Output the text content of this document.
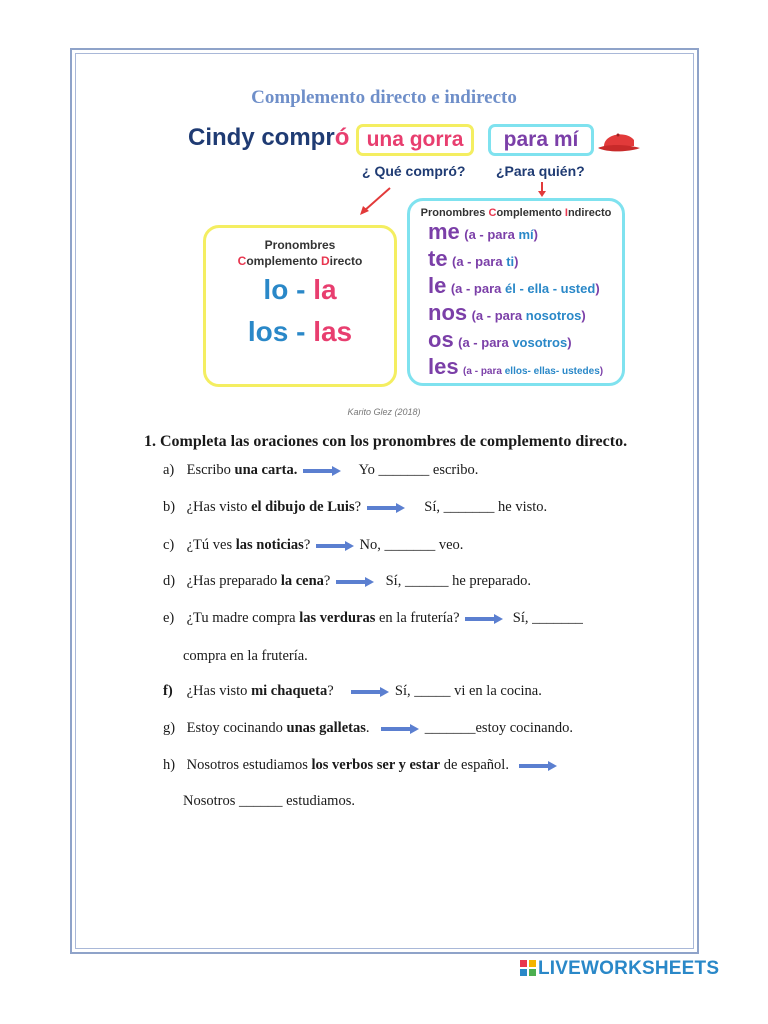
Complemento directo e indirecto
Cindy compró una gorra	para mí
¿ Qué compró? ¿Para quién?
Pronombres
Complemento Directo
lo - la
los - las
Pronombres Complemento Indirecto
me (a - para mí)
te (a - para ti)
le (a - para él - ella - usted)
nos (a - para nosotros)
os (a - para vosotros)
les (a - para ellos- ellas- ustedes)
Karito Glez (2018)
1. Completa las oraciones con los pronombres de complemento directo.
a) Escribo una carta.	Yo _______ escribo.
b) ¿Has visto el dibujo de Luis?	Sí, _______ he visto.
c) ¿Tú ves las noticias?	No, _______ veo.
d) ¿Has preparado la cena?	Sí, ______ he preparado.
e) ¿Tu madre compra las verduras en la frutería?	Sí, _______
compra en la frutería.
f) ¿Has visto mi chaqueta?	Sí, _____ vi en la cocina.
g) Estoy cocinando unas galletas.	_______estoy cocinando.
h) Nosotros estudiamos los verbos ser y estar de español.
Nosotros ______ estudiamos.
LIVEWORKSHEETS
